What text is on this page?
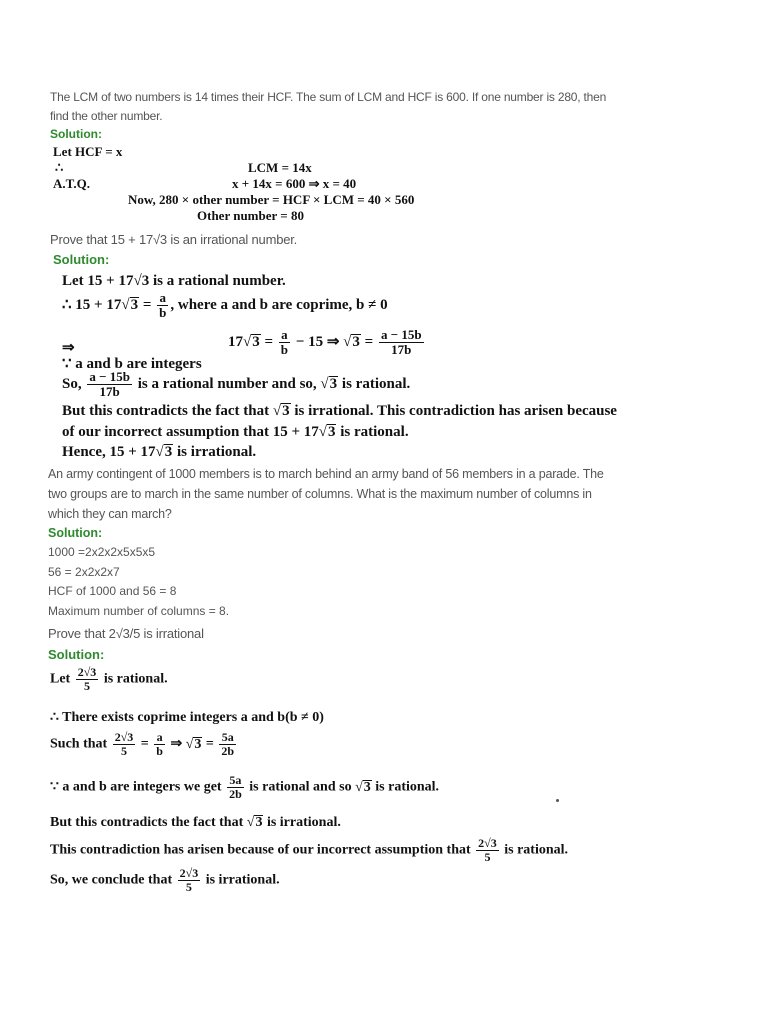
The LCM of two numbers is 14 times their HCF. The sum of LCM and HCF is 600. If one number is 280, then

find the other number.

Solution:
Let HCF = x
∴	LCM = 14x
A.T.Q.	x + 14x = 600 ⇒ x = 40
Now, 280 × other number = HCF × LCM = 40 × 560
Other number = 80

Prove that 15 + 17√3 is an irrational number.

Solution:
Let 15 + 17√3 is a rational number.
∴ $15 + 17√3 = \frac{a}{b}$ , where a and b are coprime, b ≠ 0
⇒	$17√3 = \frac{a}{b} - 15$ ⇒ $√3 = \frac{a - 15b}{17b}$
∵ a and b are integers
So, $\frac{a - 15b}{17b}$ is a rational number and so, √3 is rational.
But this contradicts the fact that √3 is irrational. This contradiction has arisen because
of our incorrect assumption that 15 + 17√3 is rational.
Hence, 15 + 17√3 is irrational.

An army contingent of 1000 members is to march behind an army band of 56 members in a parade. The

two groups are to march in the same number of columns. What is the maximum number of columns in

which they can march?

Solution:
1000 =2x2x2x5x5x5
56 = 2x2x2x7
HCF of 1000 and 56 = 8
Maximum number of columns = 8.

Prove that 2√3/5 is irrational

Solution:
Let $\frac{2√3}{5}$ is rational.
∴ There exists coprime integers a and b(b ≠ 0)
Such that $\frac{2√3}{5} = \frac{a}{b}$ ⇒ $√3 = \frac{5a}{2b}$
∵ a and b are integers we get $\frac{5a}{2b}$ is rational and so √3 is rational.
But this contradicts the fact that √3 is irrational.
This contradiction has arisen because of our incorrect assumption that $\frac{2√3}{5}$ is rational.
So, we conclude that $\frac{2√3}{5}$ is irrational.
